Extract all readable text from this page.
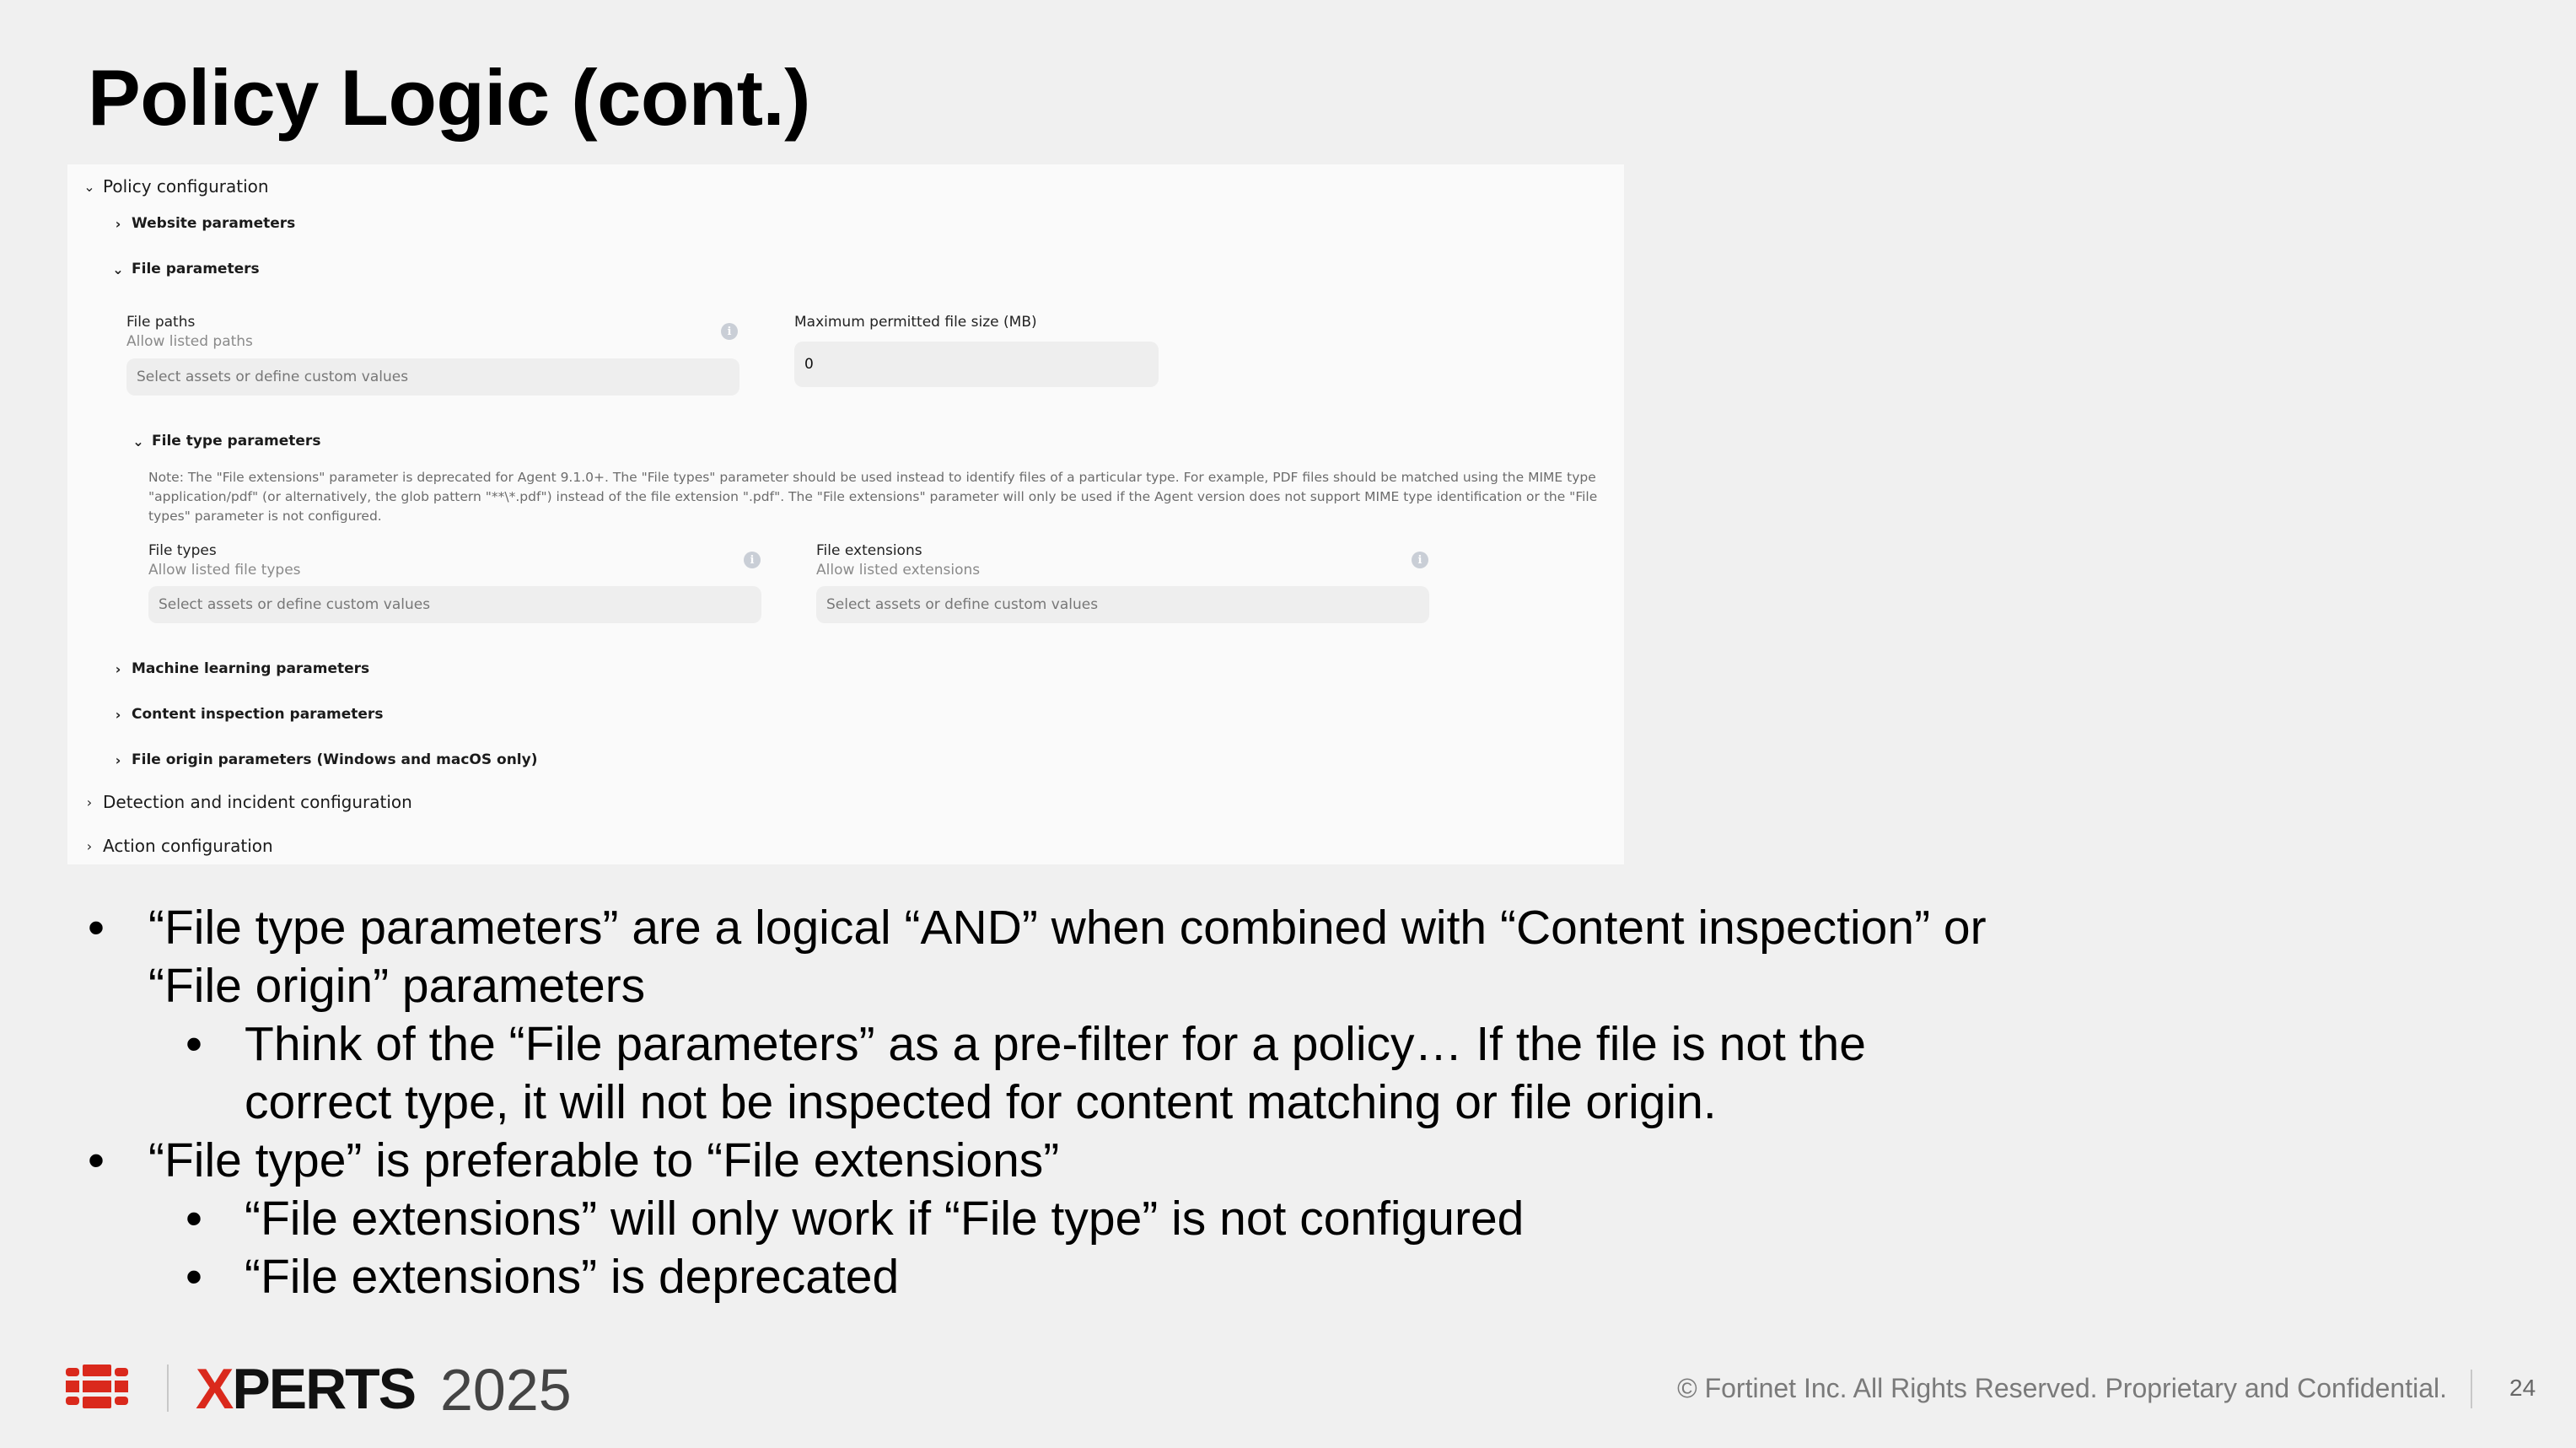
Policy Logic (cont.)
⌄ Policy configuration
› Website parameters
⌄ File parameters
File paths
Allow listed paths
i
Select assets or define custom values
Maximum permitted file size (MB)
0
⌄ File type parameters
Note: The "File extensions" parameter is deprecated for Agent 9.1.0+. The "File types" parameter should be used instead to identify files of a particular type. For example, PDF files should be matched using the MIME type "application/pdf" (or alternatively, the glob pattern "**\*.pdf") instead of the file extension ".pdf". The "File extensions" parameter will only be used if the Agent version does not support MIME type identification or the "File types" parameter is not configured.
File types
Allow listed file types
i
Select assets or define custom values
File extensions
Allow listed extensions
i
Select assets or define custom values
› Machine learning parameters
› Content inspection parameters
› File origin parameters (Windows and macOS only)
› Detection and incident configuration
› Action configuration
• “File type parameters” are a logical “AND” when combined with “Content inspection” or
“File origin” parameters
• Think of the “File parameters” as a pre-filter for a policy… If the file is not the
correct type, it will not be inspected for content matching or file origin.
• “File type” is preferable to “File extensions”
• “File extensions” will only work if “File type” is not configured
• “File extensions” is deprecated
XPERTS 2025	© Fortinet Inc. All Rights Reserved. Proprietary and Confidential.	24
